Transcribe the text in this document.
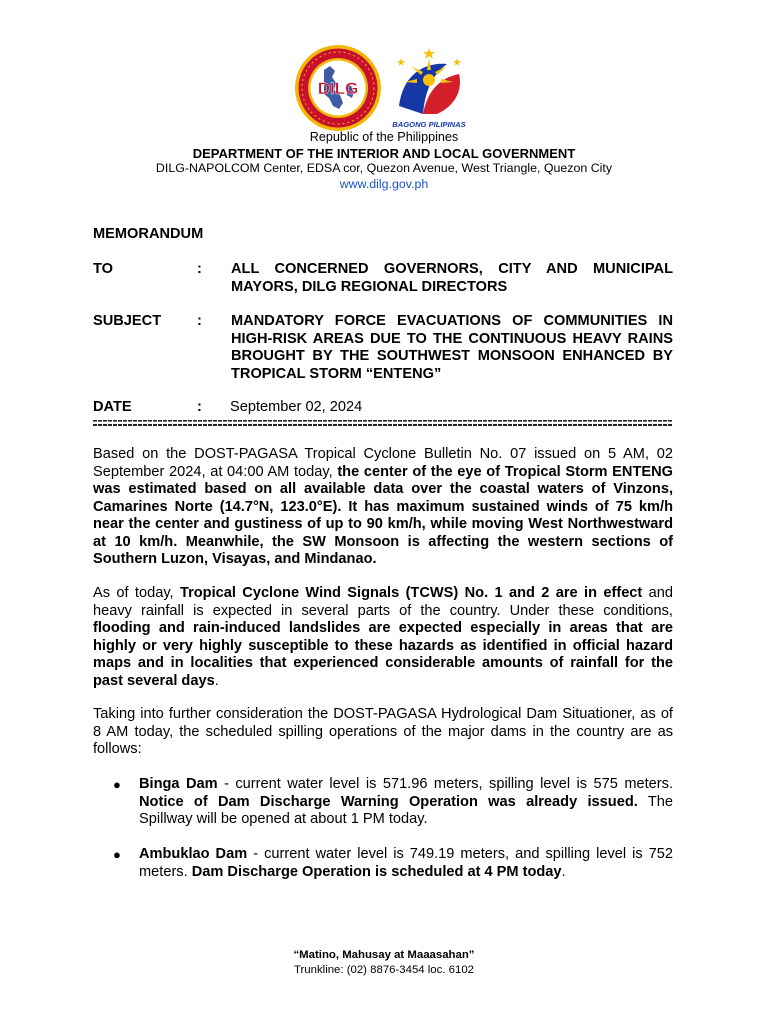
DILG
BAGONG PILIPINAS
Republic of the Philippines
DEPARTMENT OF THE INTERIOR AND LOCAL GOVERNMENT
DILG-NAPOLCOM Center, EDSA cor, Quezon Avenue, West Triangle, Quezon City
www.dilg.gov.ph
MEMORANDUM
TO	: ALL CONCERNED GOVERNORS, CITY AND MUNICIPAL MAYORS, DILG REGIONAL DIRECTORS
SUBJECT : MANDATORY FORCE EVACUATIONS OF COMMUNITIES IN HIGH-RISK AREAS DUE TO THE CONTINUOUS HEAVY RAINS BROUGHT BY THE SOUTHWEST MONSOON ENHANCED BY TROPICAL STORM “ENTENG”
DATE	: September 02, 2024
Based on the DOST-PAGASA Tropical Cyclone Bulletin No. 07 issued on 5 AM, 02 September 2024, at 04:00 AM today, the center of the eye of Tropical Storm ENTENG was estimated based on all available data over the coastal waters of Vinzons, Camarines Norte (14.7°N, 123.0°E). It has maximum sustained winds of 75 km/h near the center and gustiness of up to 90 km/h, while moving West Northwestward at 10 km/h. Meanwhile, the SW Monsoon is affecting the western sections of Southern Luzon, Visayas, and Mindanao.
As of today, Tropical Cyclone Wind Signals (TCWS) No. 1 and 2 are in effect and heavy rainfall is expected in several parts of the country. Under these conditions, flooding and rain-induced landslides are expected especially in areas that are highly or very highly susceptible to these hazards as identified in official hazard maps and in localities that experienced considerable amounts of rainfall for the past several days.
Taking into further consideration the DOST-PAGASA Hydrological Dam Situationer, as of 8 AM today, the scheduled spilling operations of the major dams in the country are as follows:
● Binga Dam - current water level is 571.96 meters, spilling level is 575 meters. Notice of Dam Discharge Warning Operation was already issued. The Spillway will be opened at about 1 PM today.
● Ambuklao Dam - current water level is 749.19 meters, and spilling level is 752 meters. Dam Discharge Operation is scheduled at 4 PM today.
“Matino, Mahusay at Maaasahan”
Trunkline: (02) 8876-3454 loc. 6102
